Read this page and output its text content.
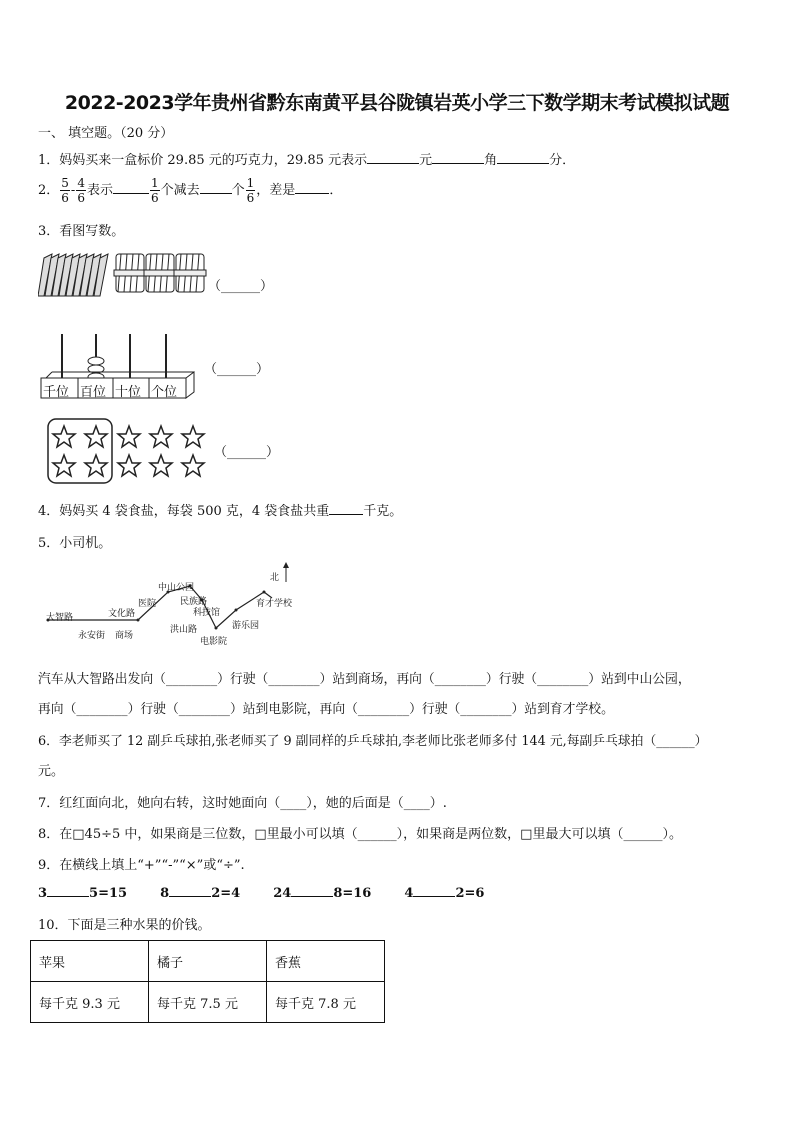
2022-2023学年贵州省黔东南黄平县谷陇镇岩英小学三下数学期末考试模拟试题
一、 填空题。（20 分）
1．妈妈买来一盒标价 29.85 元的巧克力，29.85 元表示	元	角	分．
2． $\frac{5}{6} - \frac{4}{6}$ 表示	$\frac{1}{6}$ 个减去 个 $\frac{1}{6}$ ，差是	．
3．看图写数。
（______）
千位 百位 十位 个位
（______）
（______）
4．妈妈买 4 袋食盐，每袋 500 克，4 袋食盐共重	千克。
5．小司机。
北
大智路
永安街 商场
文化路
医院
中山公园
民族路
科技馆
洪山路
电影院
游乐园
育才学校
汽车从大智路出发向（________）行驶（________）站到商场，再向（________）行驶（________）站到中山公园，
再向（________）行驶（________）站到电影院，再向（________）行驶（________）站到育才学校。
6．李老师买了 12 副乒乓球拍,张老师买了 9 副同样的乒乓球拍,李老师比张老师多付 144 元,每副乒乓球拍（______）
元。
7．红红面向北，她向右转，这时她面向（____），她的后面是（____）.
8．在□45÷5 中，如果商是三位数，□里最小可以填（______），如果商是两位数，□里最大可以填（______）。
9．在横线上填上“+”“-”“×”或“÷”.
3	5=15	8	2=4	24	8=16	4	2=6
10．下面是三种水果的价钱。
苹果	橘子	香蕉
每千克 9.3 元	每千克 7.5 元	每千克 7.8 元
